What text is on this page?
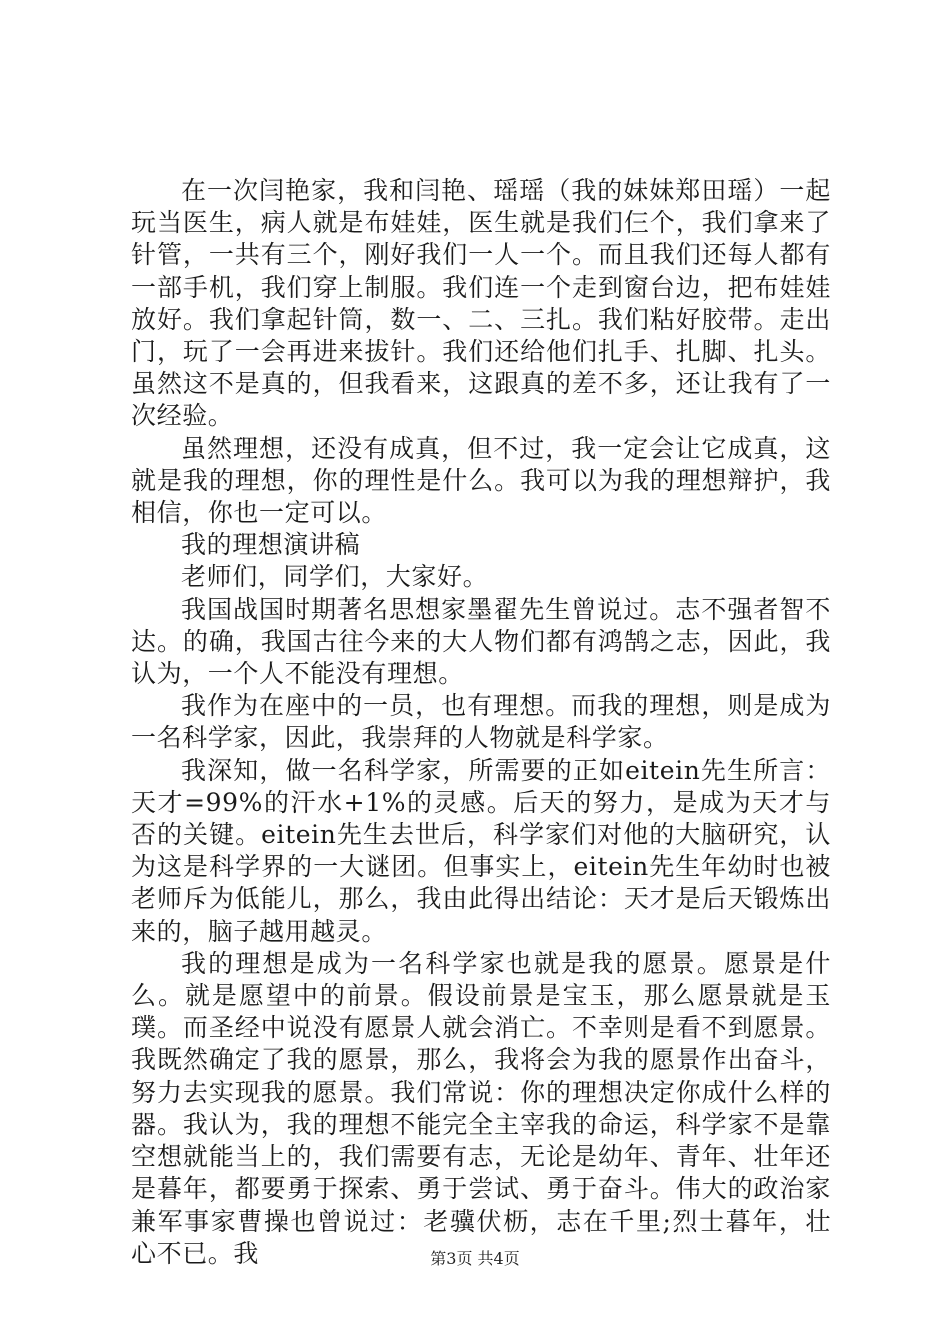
在一次闫艳家，我和闫艳、瑶瑶（我的妹妹郑田瑶）一起玩当医生，病人就是布娃娃，医生就是我们仨个，我们拿来了针管，一共有三个，刚好我们一人一个。而且我们还每人都有一部手机，我们穿上制服。我们连一个走到窗台边，把布娃娃放好。我们拿起针筒，数一、二、三扎。我们粘好胶带。走出门，玩了一会再进来拔针。我们还给他们扎手、扎脚、扎头。虽然这不是真的，但我看来，这跟真的差不多，还让我有了一次经验。

虽然理想，还没有成真，但不过，我一定会让它成真，这就是我的理想，你的理性是什么。我可以为我的理想辩护，我相信，你也一定可以。

我的理想演讲稿

老师们，同学们，大家好。

我国战国时期著名思想家墨翟先生曾说过。志不强者智不达。的确，我国古往今来的大人物们都有鸿鹄之志，因此，我认为，一个人不能没有理想。

我作为在座中的一员，也有理想。而我的理想，则是成为一名科学家，因此，我崇拜的人物就是科学家。

我深知，做一名科学家，所需要的正如eitein先生所言：天才=99%的汗水+1%的灵感。后天的努力，是成为天才与否的关键。eitein先生去世后，科学家们对他的大脑研究，认为这是科学界的一大谜团。但事实上，eitein先生年幼时也被老师斥为低能儿，那么，我由此得出结论：天才是后天锻炼出来的，脑子越用越灵。

我的理想是成为一名科学家也就是我的愿景。愿景是什么。就是愿望中的前景。假设前景是宝玉，那么愿景就是玉璞。而圣经中说没有愿景人就会消亡。不幸则是看不到愿景。我既然确定了我的愿景，那么，我将会为我的愿景作出奋斗，努力去实现我的愿景。我们常说：你的理想决定你成什么样的器。我认为，我的理想不能完全主宰我的命运，科学家不是靠空想就能当上的，我们需要有志，无论是幼年、青年、壮年还是暮年，都要勇于探索、勇于尝试、勇于奋斗。伟大的政治家兼军事家曹操也曾说过：老骥伏枥，志在千里;烈士暮年，壮心不已。我	第3页 共4页
